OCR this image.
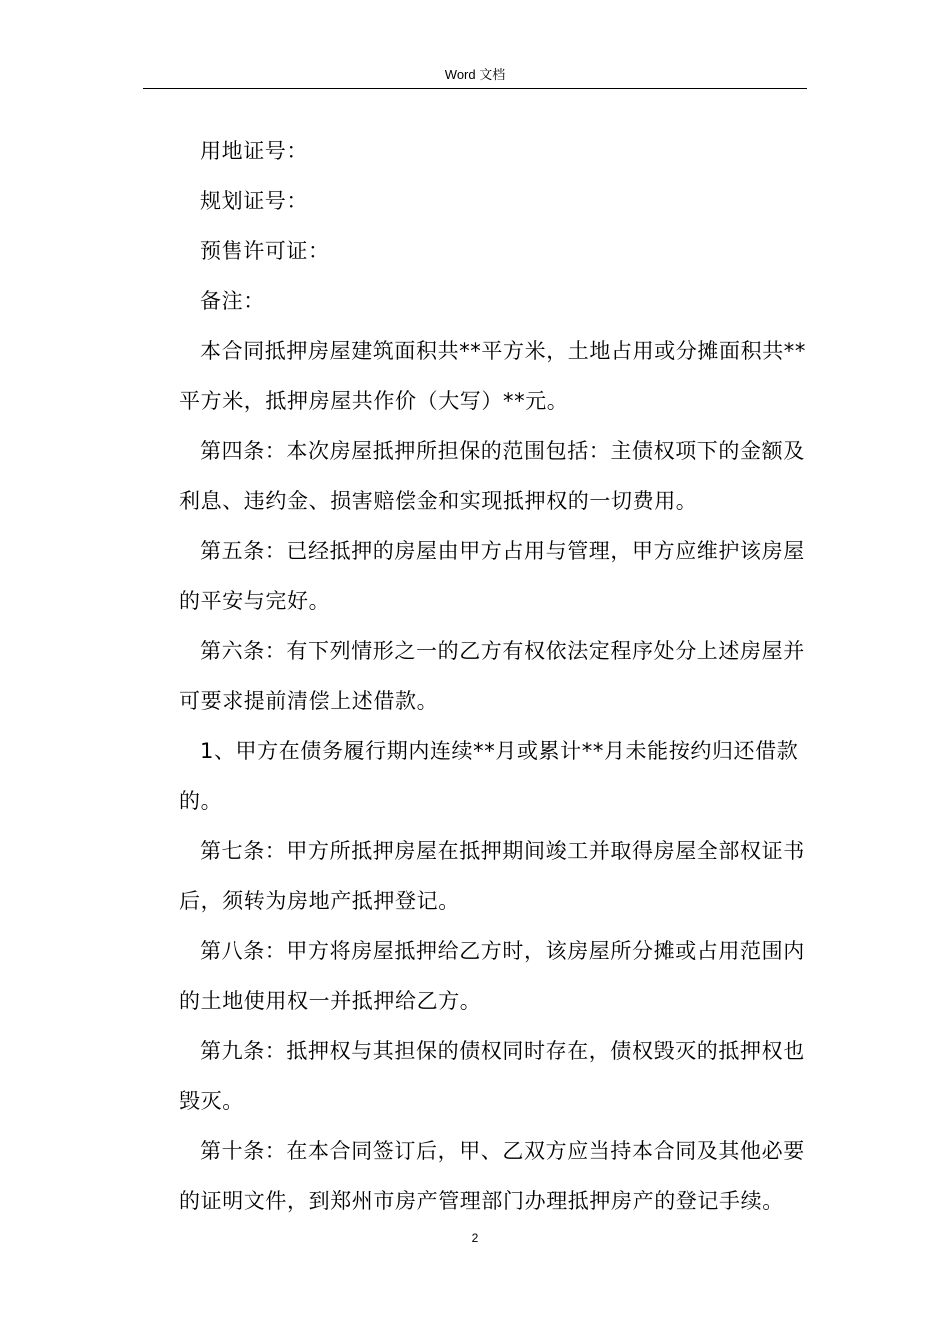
Word 文档

用地证号：

规划证号：

预售许可证：

备注：

本合同抵押房屋建筑面积共**平方米，土地占用或分摊面积共**平方米，抵押房屋共作价（大写）**元。

第四条：本次房屋抵押所担保的范围包括：主债权项下的金额及利息、违约金、损害赔偿金和实现抵押权的一切费用。

第五条：已经抵押的房屋由甲方占用与管理，甲方应维护该房屋的平安与完好。

第六条：有下列情形之一的乙方有权依法定程序处分上述房屋并可要求提前清偿上述借款。

1、甲方在债务履行期内连续**月或累计**月未能按约归还借款的。

第七条：甲方所抵押房屋在抵押期间竣工并取得房屋全部权证书后，须转为房地产抵押登记。

第八条：甲方将房屋抵押给乙方时，该房屋所分摊或占用范围内的土地使用权一并抵押给乙方。

第九条：抵押权与其担保的债权同时存在，债权毁灭的抵押权也毁灭。

第十条：在本合同签订后，甲、乙双方应当持本合同及其他必要的证明文件，到郑州市房产管理部门办理抵押房产的登记手续。

2
